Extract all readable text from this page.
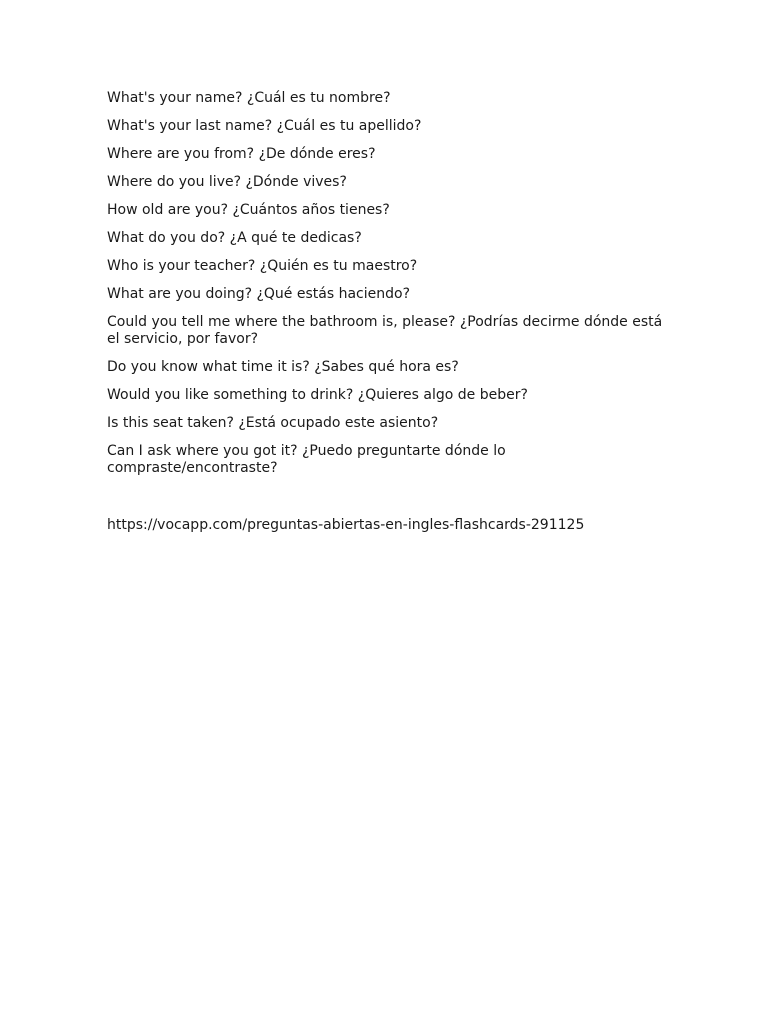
What's your name? ¿Cuál es tu nombre?

What's your last name? ¿Cuál es tu apellido?

Where are you from? ¿De dónde eres?

Where do you live? ¿Dónde vives?

How old are you? ¿Cuántos años tienes?

What do you do? ¿A qué te dedicas?

Who is your teacher? ¿Quién es tu maestro?

What are you doing? ¿Qué estás haciendo?

Could you tell me where the bathroom is, please? ¿Podrías decirme dónde está el servicio, por favor?

Do you know what time it is? ¿Sabes qué hora es?

Would you like something to drink? ¿Quieres algo de beber?

Is this seat taken? ¿Está ocupado este asiento?

Can I ask where you got it? ¿Puedo preguntarte dónde lo compraste/encontraste?

https://vocapp.com/preguntas-abiertas-en-ingles-flashcards-291125
